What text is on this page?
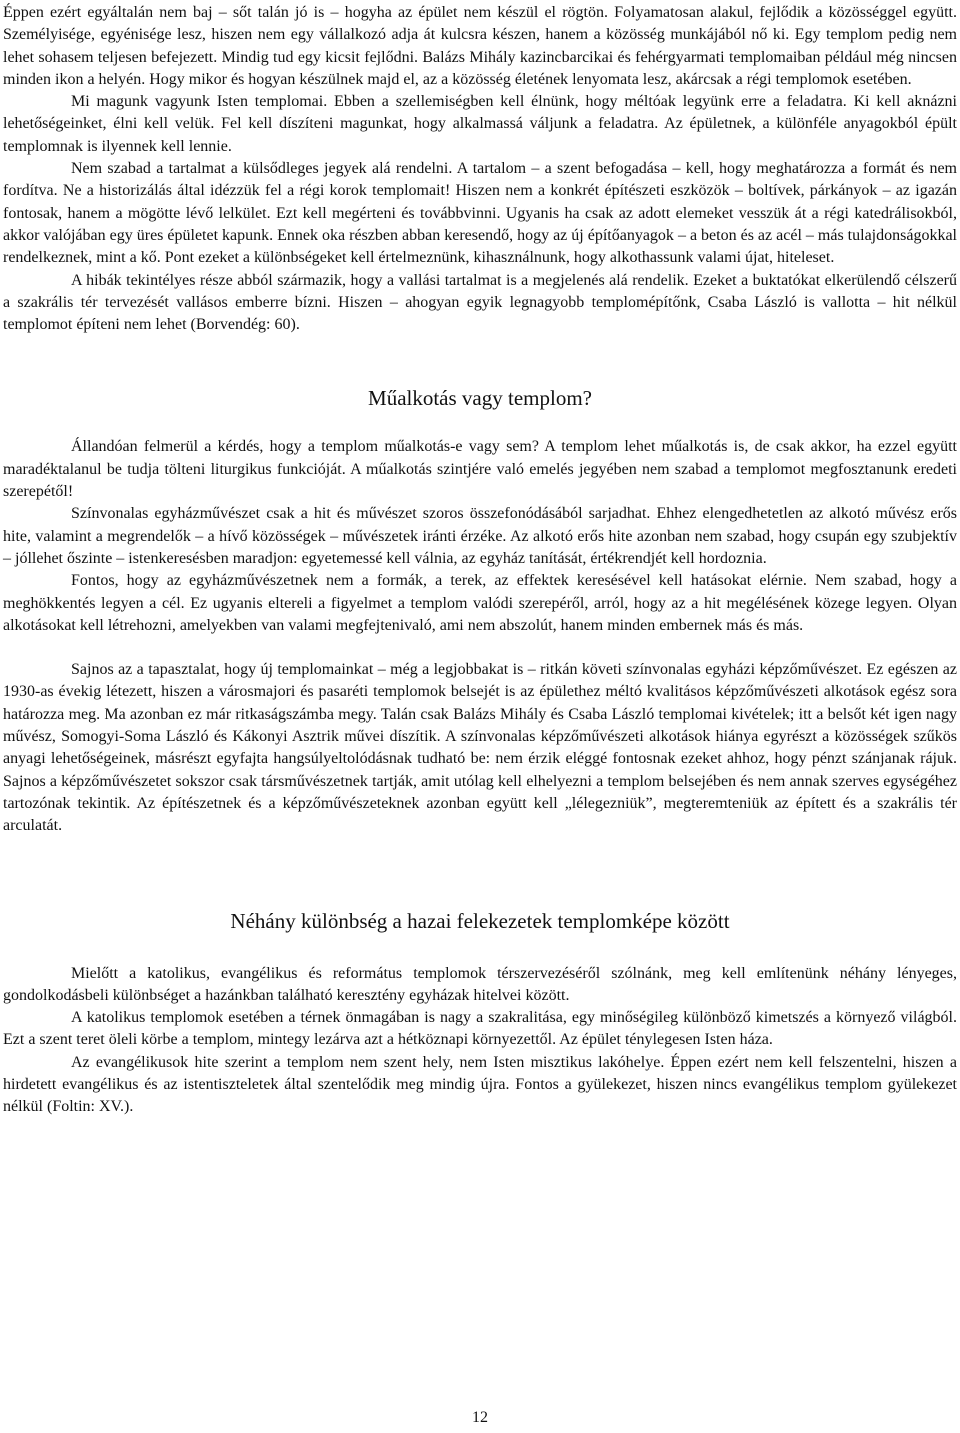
Éppen ezért egyáltalán nem baj – sőt talán jó is – hogyha az épület nem készül el rögtön. Folyamatosan alakul, fejlődik a közösséggel együtt. Személyisége, egyénisége lesz, hiszen nem egy vállalkozó adja át kulcsra készen, hanem a közösség munkájából nő ki. Egy templom pedig nem lehet sohasem teljesen befejezett. Mindig tud egy kicsit fejlődni. Balázs Mihály kazincbarcikai és fehérgyarmati templomaiban például még nincsen minden ikon a helyén. Hogy mikor és hogyan készülnek majd el, az a közösség életének lenyomata lesz, akárcsak a régi templomok esetében.

Mi magunk vagyunk Isten templomai. Ebben a szellemiségben kell élnünk, hogy méltóak legyünk erre a feladatra. Ki kell aknázni lehetőségeinket, élni kell velük. Fel kell díszíteni magunkat, hogy alkalmassá váljunk a feladatra. Az épületnek, a különféle anyagokból épült templomnak is ilyennek kell lennie.

Nem szabad a tartalmat a külsődleges jegyek alá rendelni. A tartalom – a szent befogadása – kell, hogy meghatározza a formát és nem fordítva. Ne a historizálás által idézzük fel a régi korok templomait! Hiszen nem a konkrét építészeti eszközök – boltívek, párkányok – az igazán fontosak, hanem a mögötte lévő lelkület. Ezt kell megérteni és továbbvinni. Ugyanis ha csak az adott elemeket vesszük át a régi katedrálisokból, akkor valójában egy üres épületet kapunk. Ennek oka részben abban keresendő, hogy az új építőanyagok – a beton és az acél – más tulajdonságokkal rendelkeznek, mint a kő. Pont ezeket a különbségeket kell értelmeznünk, kihasználnunk, hogy alkothassunk valami újat, hiteleset.

A hibák tekintélyes része abból származik, hogy a vallási tartalmat is a megjelenés alá rendelik. Ezeket a buktatókat elkerülendő célszerű a szakrális tér tervezését vallásos emberre bízni. Hiszen – ahogyan egyik legnagyobb templomépítőnk, Csaba László is vallotta – hit nélkül templomot építeni nem lehet (Borvendég: 60).

Műalkotás vagy templom?

Állandóan felmerül a kérdés, hogy a templom műalkotás-e vagy sem? A templom lehet műalkotás is, de csak akkor, ha ezzel együtt maradéktalanul be tudja tölteni liturgikus funkcióját. A műalkotás szintjére való emelés jegyében nem szabad a templomot megfosztanunk eredeti szerepétől!

Színvonalas egyházművészet csak a hit és művészet szoros összefonódásából sarjadhat. Ehhez elengedhetetlen az alkotó művész erős hite, valamint a megrendelők – a hívő közösségek – művészetek iránti érzéke. Az alkotó erős hite azonban nem szabad, hogy csupán egy szubjektív – jóllehet őszinte – istenkeresésben maradjon: egyetemessé kell válnia, az egyház tanítását, értékrendjét kell hordoznia.

Fontos, hogy az egyházművészetnek nem a formák, a terek, az effektek keresésével kell hatásokat elérnie. Nem szabad, hogy a meghökkentés legyen a cél. Ez ugyanis eltereli a figyelmet a templom valódi szerepéről, arról, hogy az a hit megélésének közege legyen. Olyan alkotásokat kell létrehozni, amelyekben van valami megfejtenivaló, ami nem abszolút, hanem minden embernek más és más.

Sajnos az a tapasztalat, hogy új templomainkat – még a legjobbakat is – ritkán követi színvonalas egyházi képzőművészet. Ez egészen az 1930-as évekig létezett, hiszen a városmajori és pasaréti templomok belsejét is az épülethez méltó kvalitásos képzőművészeti alkotások egész sora határozza meg. Ma azonban ez már ritkaságszámba megy. Talán csak Balázs Mihály és Csaba László templomai kivételek; itt a belsőt két igen nagy művész, Somogyi-Soma László és Kákonyi Asztrik művei díszítik. A színvonalas képzőművészeti alkotások hiánya egyrészt a közösségek szűkös anyagi lehetőségeinek, másrészt egyfajta hangsúlyeltolódásnak tudható be: nem érzik eléggé fontosnak ezeket ahhoz, hogy pénzt szánjanak rájuk. Sajnos a képzőművészetet sokszor csak társművészetnek tartják, amit utólag kell elhelyezni a templom belsejében és nem annak szerves egységéhez tartozónak tekintik. Az építészetnek és a képzőművészeteknek azonban együtt kell „lélegezniük”, megteremteniük az épített és a szakrális tér arculatát.

Néhány különbség a hazai felekezetek templomképe között

Mielőtt a katolikus, evangélikus és református templomok térszervezéséről szólnánk, meg kell említenünk néhány lényeges, gondolkodásbeli különbséget a hazánkban található keresztény egyházak hitelvei között.

A katolikus templomok esetében a térnek önmagában is nagy a szakralitása, egy minőségileg különböző kimetszés a környező világból. Ezt a szent teret öleli körbe a templom, mintegy lezárva azt a hétköznapi környezettől. Az épület ténylegesen Isten háza.

Az evangélikusok hite szerint a templom nem szent hely, nem Isten misztikus lakóhelye. Éppen ezért nem kell felszentelni, hiszen a hirdetett evangélikus és az istentiszteletek által szentelődik meg mindig újra. Fontos a gyülekezet, hiszen nincs evangélikus templom gyülekezet nélkül (Foltin: XV.).

12
